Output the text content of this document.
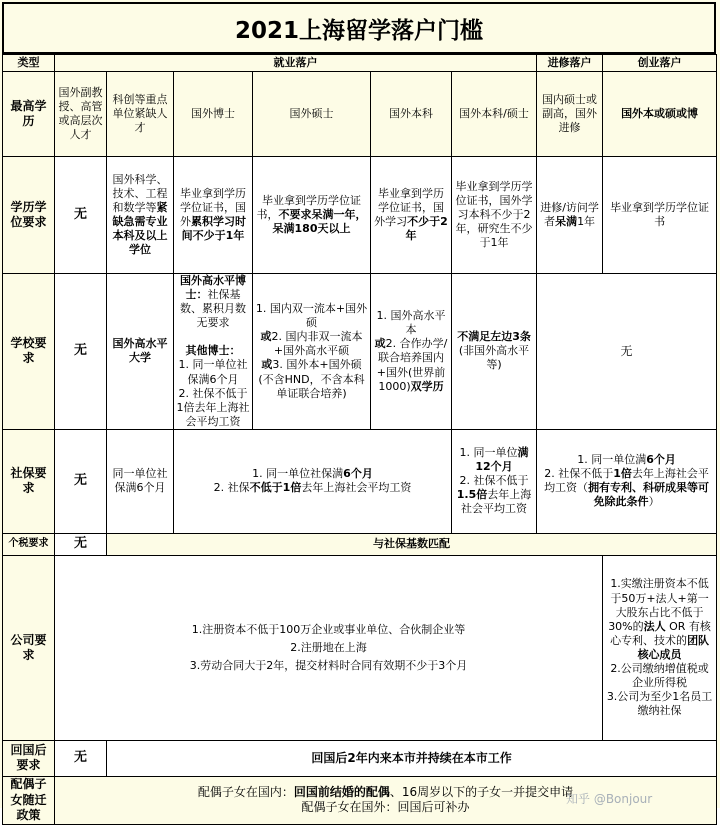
2021上海留学落户门槛
类型	就业落户						进修落户	创业落户
最高学历	国外副教授、高管或高层次人才	科创等重点单位紧缺人才	国外博士	国外硕士	国外本科	国外本科/硕士	国内硕士或副高，国外进修	国外本或硕或博
学历学位要求	无	国外科学、技术、工程和数学等紧缺急需专业本科及以上学位	毕业拿到学历学位证书，国外累积学习时间不少于1年	毕业拿到学历学位证书，不要求呆满一年，呆满180天以上	毕业拿到学历学位证书，国外学习不少于2年	毕业拿到学历学位证书，国外学习本科不少于2年，研究生不少于1年	进修/访问学者呆满1年	毕业拿到学历学位证书
学校要求	无	国外高水平大学	国外高水平博士：社保基数、累积月数无要求

其他博士：
1. 同一单位社保满6个月
2. 社保不低于1倍去年上海社会平均工资	1. 国内双一流本+国外硕
或2. 国内非双一流本+国外高水平硕
或3. 国外本+国外硕(不含HND，不含本科单证联合培养)	1. 国外高水平本
或2. 合作办学/联合培养国内+国外(世界前1000)双学历	不满足左边3条(非国外高水平等)	无	
社保要求	无	同一单位社保满6个月	1. 同一单位社保满6个月
2. 社保不低于1倍去年上海社会平均工资			1. 同一单位满12个月
2. 社保不低于1.5倍去年上海社会平均工资	1. 同一单位满6个月
2. 社保不低于1倍去年上海社会平均工资（拥有专利、科研成果等可免除此条件）	
个税要求	无	与社保基数匹配						
公司要求	1.注册资本不低于100万企业或事业单位、合伙制企业等
2.注册地在上海
3.劳动合同大于2年，提交材料时合同有效期不少于3个月							1.实缴注册资本不低于50万+法人+第一大股东占比不低于30%的法人 OR 有核心专利、技术的团队核心成员
2.公司缴纳增值税或企业所得税
3.公司为至少1名员工缴纳社保
回国后要求	无	回国后2年内来本市并持续在本市工作						
配偶子女随迁政策	配偶子女在国内：回国前结婚的配偶、16周岁以下的子女一并提交申请
配偶子女在国外：回国后可补办							
知乎 @Bonjour
